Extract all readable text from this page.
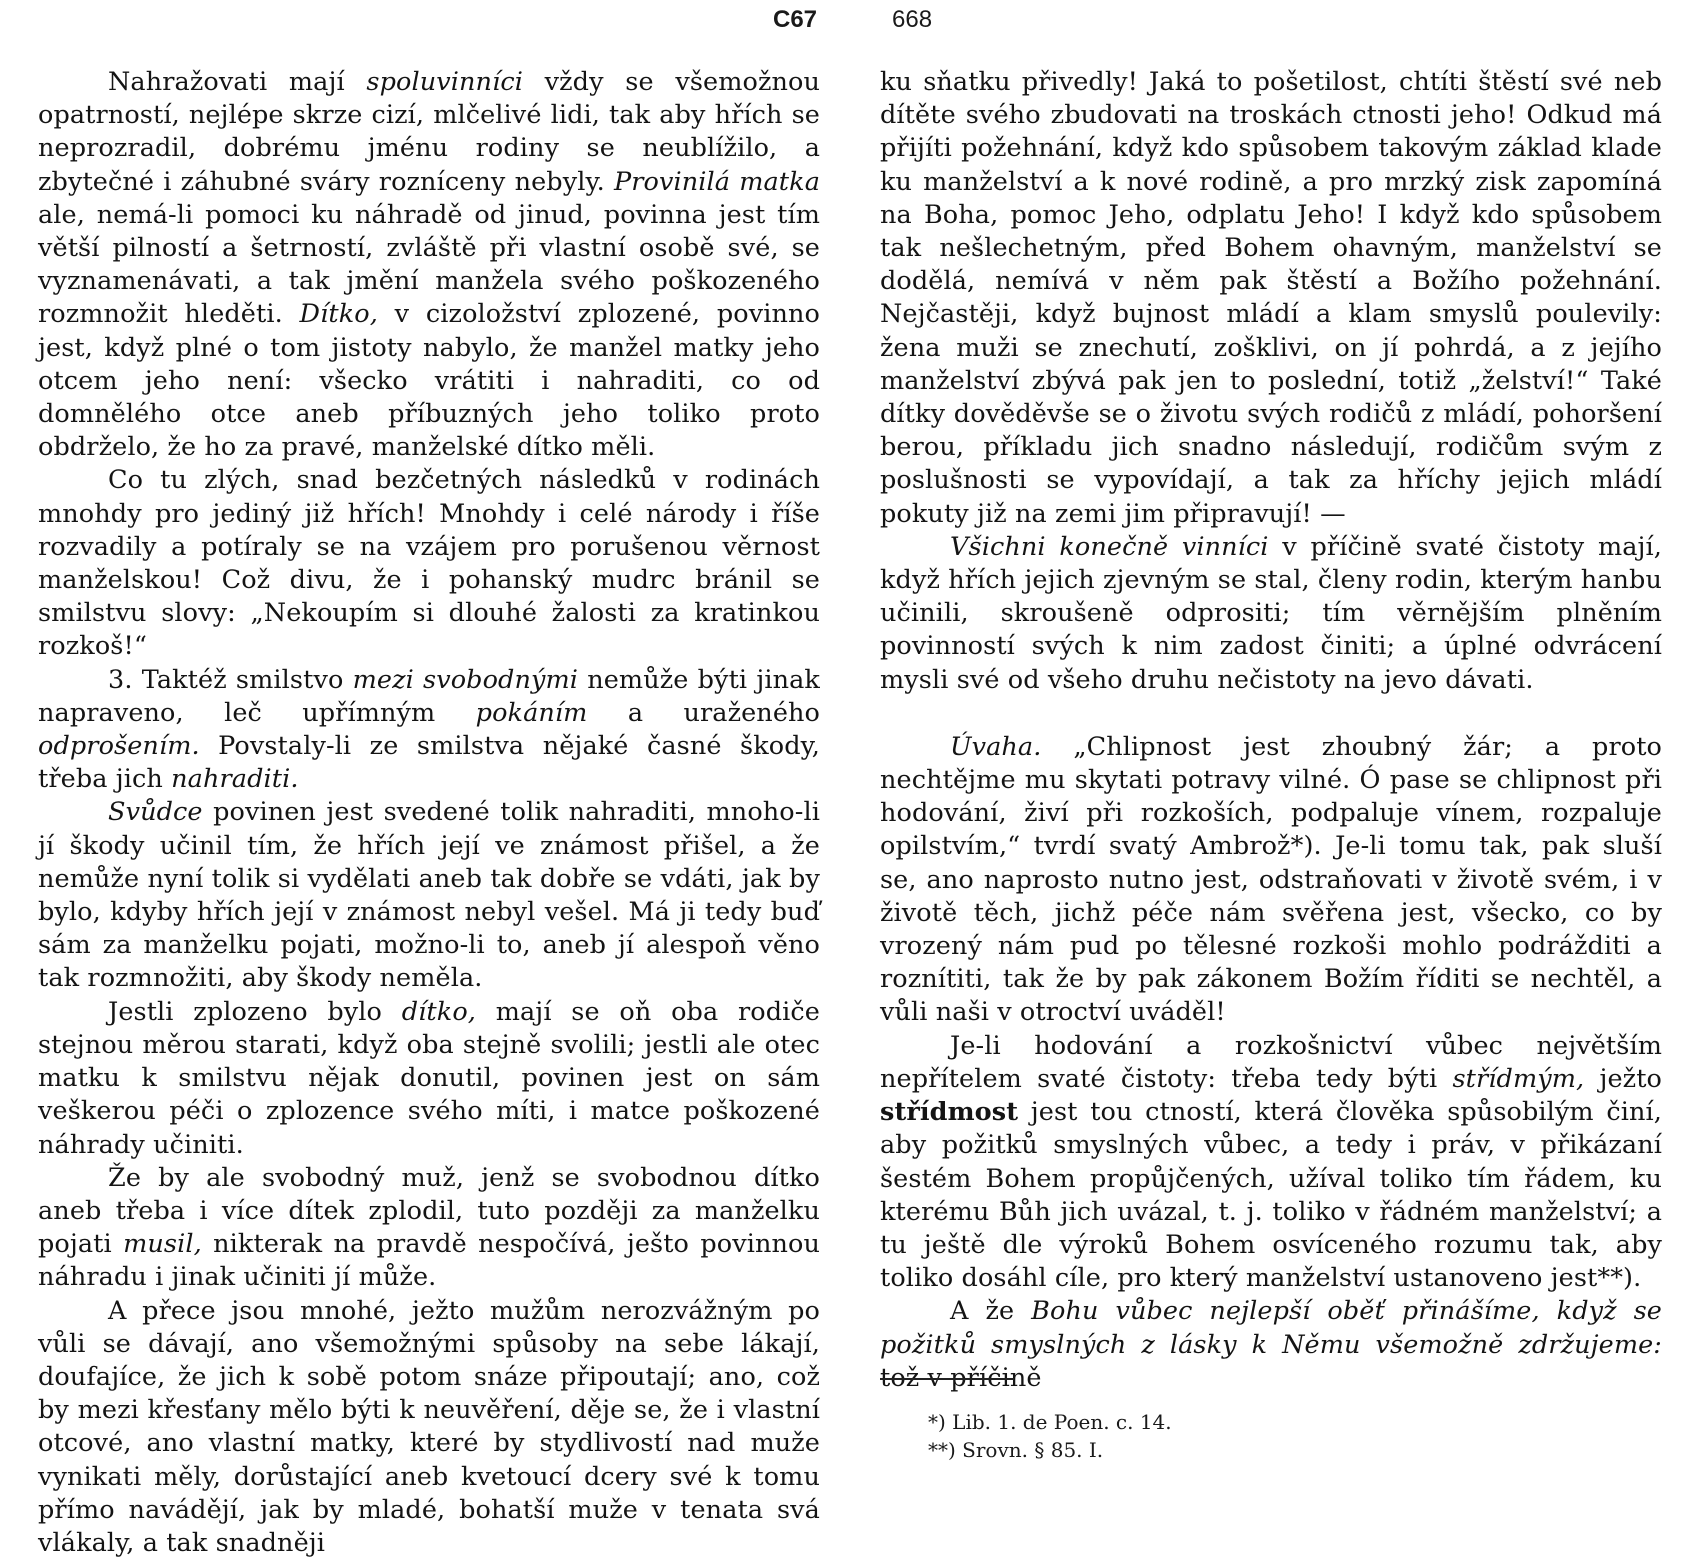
C67	668

Nahražovati mají spoluvinníci vždy se všemožnou opatrností, nejlépe skrze cizí, mlčelivé lidi, tak aby hřích se neprozradil, dobrému jménu rodiny se neublížilo, a zbytečné i záhubné sváry rozníceny nebyly. Provinilá matka ale, nemá-li pomoci ku náhradě od jinud, povinna jest tím větší pilností a šetrností, zvláště při vlastní osobě své, se vyznamenávati, a tak jmění manžela svého poškozeného rozmnožit hleděti. Dítko, v cizoložství zplozené, povinno jest, když plné o tom jistoty nabylo, že manžel matky jeho otcem jeho není: všecko vrátiti i nahraditi, co od domnělého otce aneb příbuzných jeho toliko proto obdrželo, že ho za pravé, manželské dítko měli.

Co tu zlých, snad bezčetných následků v rodinách mnohdy pro jediný již hřích! Mnohdy i celé národy i říše rozvadily a potíraly se na vzájem pro porušenou věrnost manželskou! Což divu, že i pohanský mudrc bránil se smilstvu slovy: „Nekoupím si dlouhé žalosti za kratinkou rozkoš!“

3. Taktéž smilstvo mezi svobodnými nemůže býti jinak napraveno, leč upřímným pokáním a uraženého odprošením. Povstaly-li ze smilstva nějaké časné škody, třeba jich nahraditi.

Svůdce povinen jest svedené tolik nahraditi, mnoho-li jí škody učinil tím, že hřích její ve známost přišel, a že nemůže nyní tolik si vydělati aneb tak dobře se vdáti, jak by bylo, kdyby hřích její v známost nebyl vešel. Má ji tedy buď sám za manželku pojati, možno-li to, aneb jí alespoň věno tak rozmnožiti, aby škody neměla.

Jestli zplozeno bylo dítko, mají se oň oba rodiče stejnou měrou starati, když oba stejně svolili; jestli ale otec matku k smilstvu nějak donutil, povinen jest on sám veškerou péči o zplozence svého míti, i matce poškozené náhrady učiniti.

Že by ale svobodný muž, jenž se svobodnou dítko aneb třeba i více dítek zplodil, tuto později za manželku pojati musil, nikterak na pravdě nespočívá, ješto povinnou náhradu i jinak učiniti jí může.

A přece jsou mnohé, ježto mužům nerozvážným po vůli se dávají, ano všemožnými spůsoby na sebe lákají, doufajíce, že jich k sobě potom snáze připoutají; ano, což by mezi křesťany mělo býti k neuvěření, děje se, že i vlastní otcové, ano vlastní matky, které by stydlivostí nad muže vynikati měly, dorůstající aneb kvetoucí dcery své k tomu přímo navádějí, jak by mladé, bohatší muže v tenata svá vlákaly, a tak snadněji

ku sňatku přivedly! Jaká to pošetilost, chtíti štěstí své neb dítěte svého zbudovati na troskách ctnosti jeho! Odkud má přijíti požehnání, když kdo spůsobem takovým základ klade ku manželství a k nové rodině, a pro mrzký zisk zapomíná na Boha, pomoc Jeho, odplatu Jeho! I když kdo spůsobem tak nešlechetným, před Bohem ohavným, manželství se dodělá, nemívá v něm pak štěstí a Božího požehnání. Nejčastěji, když bujnost mládí a klam smyslů poulevily: žena muži se znechutí, zošklivi, on jí pohrdá, a z jejího manželství zbývá pak jen to poslední, totiž „želství!“ Také dítky dověděvše se o životu svých rodičů z mládí, pohoršení berou, příkladu jich snadno následují, rodičům svým z poslušnosti se vypovídají, a tak za hříchy jejich mládí pokuty již na zemi jim připravují! —

Všichni konečně vinníci v příčině svaté čistoty mají, když hřích jejich zjevným se stal, členy rodin, kterým hanbu učinili, skroušeně odprositi; tím věrnějším plněním povinností svých k nim zadost činiti; a úplné odvrácení mysli své od všeho druhu nečistoty na jevo dávati.

Úvaha. „Chlipnost jest zhoubný žár; a proto nechtějme mu skytati potravy vilné. Ó pase se chlipnost při hodování, živí při rozkoších, podpaluje vínem, rozpaluje opilstvím,“ tvrdí svatý Ambrož*). Je-li tomu tak, pak sluší se, ano naprosto nutno jest, odstraňovati v životě svém, i v životě těch, jichž péče nám svěřena jest, všecko, co by vrozený nám pud po tělesné rozkoši mohlo podrážditi a roznítiti, tak že by pak zákonem Božím říditi se nechtěl, a vůli naši v otroctví uváděl!

Je-li hodování a rozkošnictví vůbec největším nepřítelem svaté čistoty: třeba tedy býti střídmým, ježto střídmost jest tou ctností, která člověka spůsobilým činí, aby požitků smyslných vůbec, a tedy i práv, v přikázaní šestém Bohem propůjčených, užíval toliko tím řádem, ku kterému Bůh jich uvázal, t. j. toliko v řádném manželství; a tu ještě dle výroků Bohem osvíceného rozumu tak, aby toliko dosáhl cíle, pro který manželství ustanoveno jest**).

A že Bohu vůbec nejlepší oběť přinášíme, když se požitků smyslných z lásky k Němu všemožně zdržujeme: tož v příčině

*) Lib. 1. de Poen. c. 14.
**) Srovn. § 85. I.
